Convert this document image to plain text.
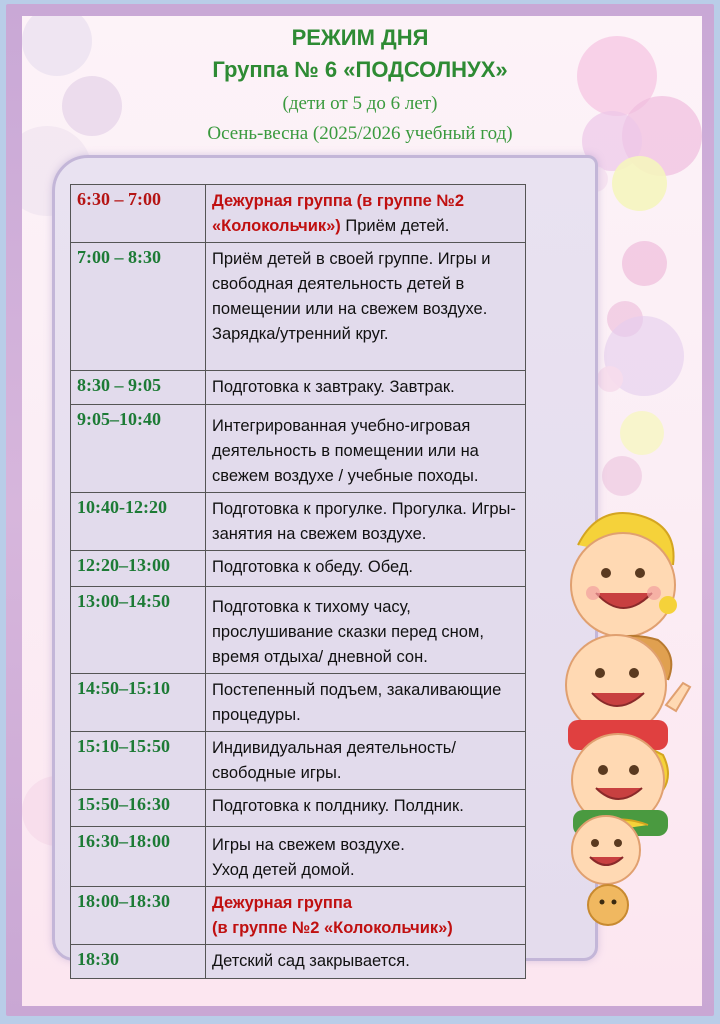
РЕЖИМ ДНЯ
Группа № 6 «ПОДСОЛНУХ»
(дети от 5 до 6 лет)
Осень-весна (2025/2026 учебный год)
6:30 – 7:00	Дежурная группа (в группе №2 «Колокольчик») Приём детей.
7:00 – 8:30	Приём детей в своей группе. Игры и свободная деятельность детей в помещении или на свежем воздухе.
Зарядка/утренний круг.
8:30 – 9:05	Подготовка к завтраку. Завтрак.
9:05–10:40	Интегрированная учебно-игровая деятельность в помещении или на свежем воздухе / учебные походы.
10:40-12:20	Подготовка к прогулке. Прогулка. Игры-занятия на свежем воздухе.
12:20–13:00	Подготовка к обеду. Обед.
13:00–14:50	Подготовка к тихому часу, прослушивание сказки перед сном, время отдыха/ дневной сон.
14:50–15:10	Постепенный подъем, закаливающие процедуры.
15:10–15:50	Индивидуальная деятельность/ свободные игры.
15:50–16:30	Подготовка к полднику. Полдник.
16:30–18:00	Игры на свежем воздухе.
Уход детей домой.
18:00–18:30	Дежурная группа
(в группе №2 «Колокольчик»)
18:30	Детский сад закрывается.
